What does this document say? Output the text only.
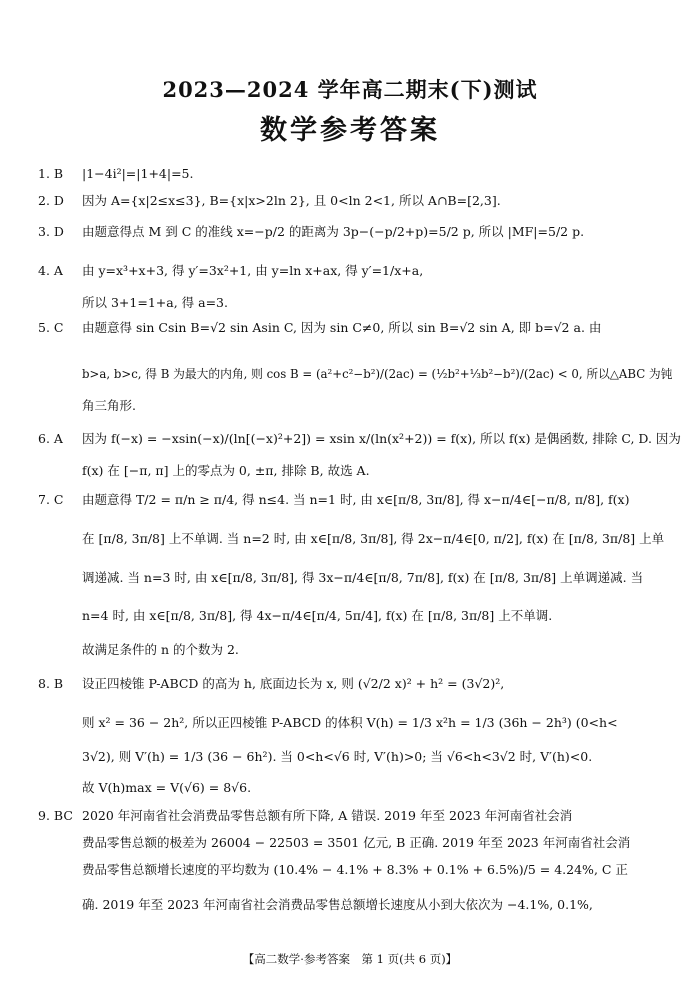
2023—2024 学年高二期末(下)测试
数学参考答案
1. B |1−4i²|=|1+4|=5.
2. D 因为 A={x|2≤x≤3}, B={x|x>2ln 2}, 且 0<ln 2<1, 所以 A∩B=[2,3].
3. D 由题意得点 M 到 C 的准线 x=−p/2 的距离为 3p−(−p/2+p)=5/2 p, 所以 |MF|=5/2 p.
4. A 由 y=x³+x+3, 得 y′=3x²+1, 由 y=ln x+ax, 得 y′=1/x+a,
所以 3+1=1+a, 得 a=3.
5. C 由题意得 sin Csin B=√2 sin Asin C, 因为 sin C≠0, 所以 sin B=√2 sin A, 即 b=√2 a. 由
b>a, b>c, 得 B 为最大的内角, 则 cos B = (a²+c²−b²)/(2ac) = (½b²+⅓b²−b²)/(2ac) < 0, 所以△ABC 为钝
角三角形.
6. A 因为 f(−x) = −xsin(−x)/(ln[(−x)²+2]) = xsin x/(ln(x²+2)) = f(x), 所以 f(x) 是偶函数, 排除 C, D. 因为
f(x) 在 [−π, π] 上的零点为 0, ±π, 排除 B, 故选 A.
7. C 由题意得 T/2 = π/n ≥ π/4, 得 n≤4. 当 n=1 时, 由 x∈[π/8, 3π/8], 得 x−π/4∈[−π/8, π/8], f(x)
在 [π/8, 3π/8] 上不单调. 当 n=2 时, 由 x∈[π/8, 3π/8], 得 2x−π/4∈[0, π/2], f(x) 在 [π/8, 3π/8] 上单
调递减. 当 n=3 时, 由 x∈[π/8, 3π/8], 得 3x−π/4∈[π/8, 7π/8], f(x) 在 [π/8, 3π/8] 上单调递减. 当
n=4 时, 由 x∈[π/8, 3π/8], 得 4x−π/4∈[π/4, 5π/4], f(x) 在 [π/8, 3π/8] 上不单调.
故满足条件的 n 的个数为 2.
8. B 设正四棱锥 P-ABCD 的高为 h, 底面边长为 x, 则 (√2/2 x)² + h² = (3√2)²,
则 x² = 36 − 2h², 所以正四棱锥 P-ABCD 的体积 V(h) = 1/3 x²h = 1/3 (36h − 2h³) (0<h<
3√2), 则 V′(h) = 1/3 (36 − 6h²). 当 0<h<√6 时, V′(h)>0; 当 √6<h<3√2 时, V′(h)<0.
故 V(h)max = V(√6) = 8√6.
9. BC 2020 年河南省社会消费品零售总额有所下降, A 错误. 2019 年至 2023 年河南省社会消
费品零售总额的极差为 26004 − 22503 = 3501 亿元, B 正确. 2019 年至 2023 年河南省社会消
费品零售总额增长速度的平均数为 (10.4% − 4.1% + 8.3% + 0.1% + 6.5%)/5 = 4.24%, C 正
确. 2019 年至 2023 年河南省社会消费品零售总额增长速度从小到大依次为 −4.1%, 0.1%,
【高二数学·参考答案　第 1 页(共 6 页)】
